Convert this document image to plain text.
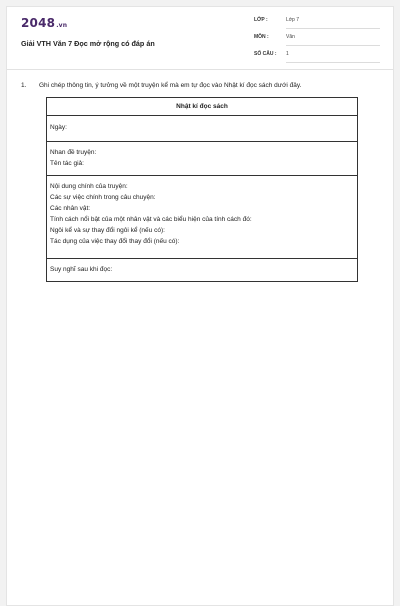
2048.vn
Giải VTH Văn 7 Đọc mở rộng có đáp án
LỚP :	Lớp 7
MÔN :	Văn
SỐ CÂU : 1
1. Ghi chép thông tin, ý tưởng về một truyện kể mà em tự đọc vào Nhật kí đọc sách dưới đây.
Nhật kí đọc sách
Ngày:
Nhan đề truyện:
Tên tác giả:
Nội dung chính của truyện:
Các sự việc chính trong câu chuyện:
Các nhân vật:
Tính cách nổi bật của một nhân vật và các biểu hiện của tính cách đó:
Ngôi kể và sự thay đổi ngôi kể (nếu có):
Tác dụng của việc thay đổi thay đổi (nếu có):
Suy nghĩ sau khi đọc:
